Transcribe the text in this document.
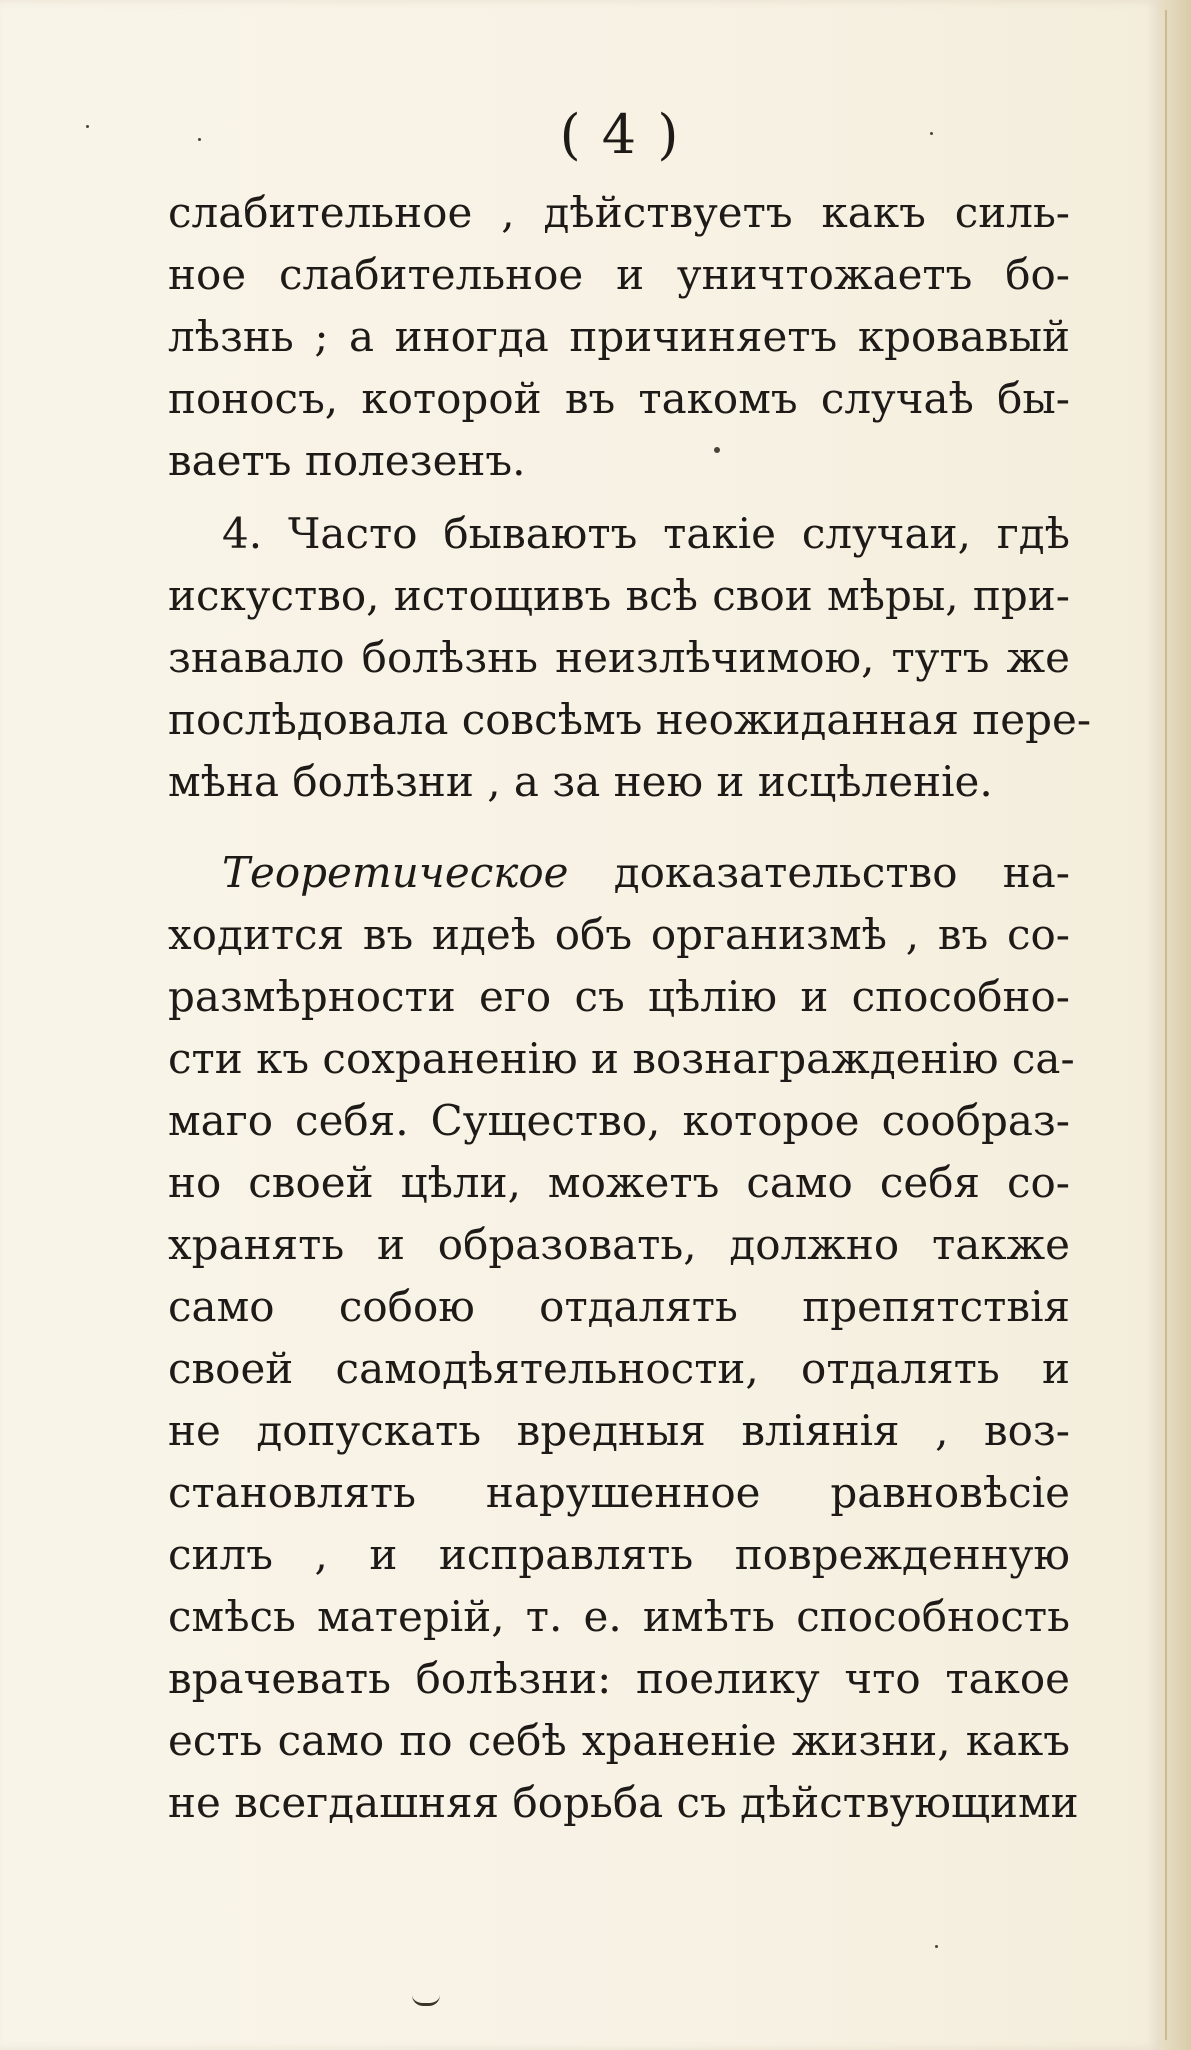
( 4 )
слабительное , дѣйствуетъ какъ силь-
ное слабительное и уничтожаетъ бо-
лѣзнь ; а иногда причиняетъ кровавый
поносъ, которой въ такомъ случаѣ бы-
ваетъ полезенъ.
4. Часто бываютъ такіе случаи, гдѣ
искуство, истощивъ всѣ свои мѣры, при-
знавало болѣзнь неизлѣчимою, тутъ же
послѣдовала совсѣмъ неожиданная пере-
мѣна болѣзни , а за нею и исцѣленіе.
Теоретическое доказательство на-
ходится въ идеѣ объ организмѣ , въ со-
размѣрности его съ цѣлію и способно-
сти къ сохраненію и вознагражденію са-
маго себя. Существо, которое сообраз-
но своей цѣли, можетъ само себя со-
хранять и образовать, должно также
само собою отдалять препятствія
своей самодѣятельности, отдалять и
не допускать вредныя вліянія , воз-
становлять нарушенное равновѣсіе
силъ , и исправлять поврежденную
смѣсь матерій, т. е. имѣть способность
врачевать болѣзни: поелику что такое
есть само по себѣ храненіе жизни, какъ
не всегдашняя борьба съ дѣйствующими
